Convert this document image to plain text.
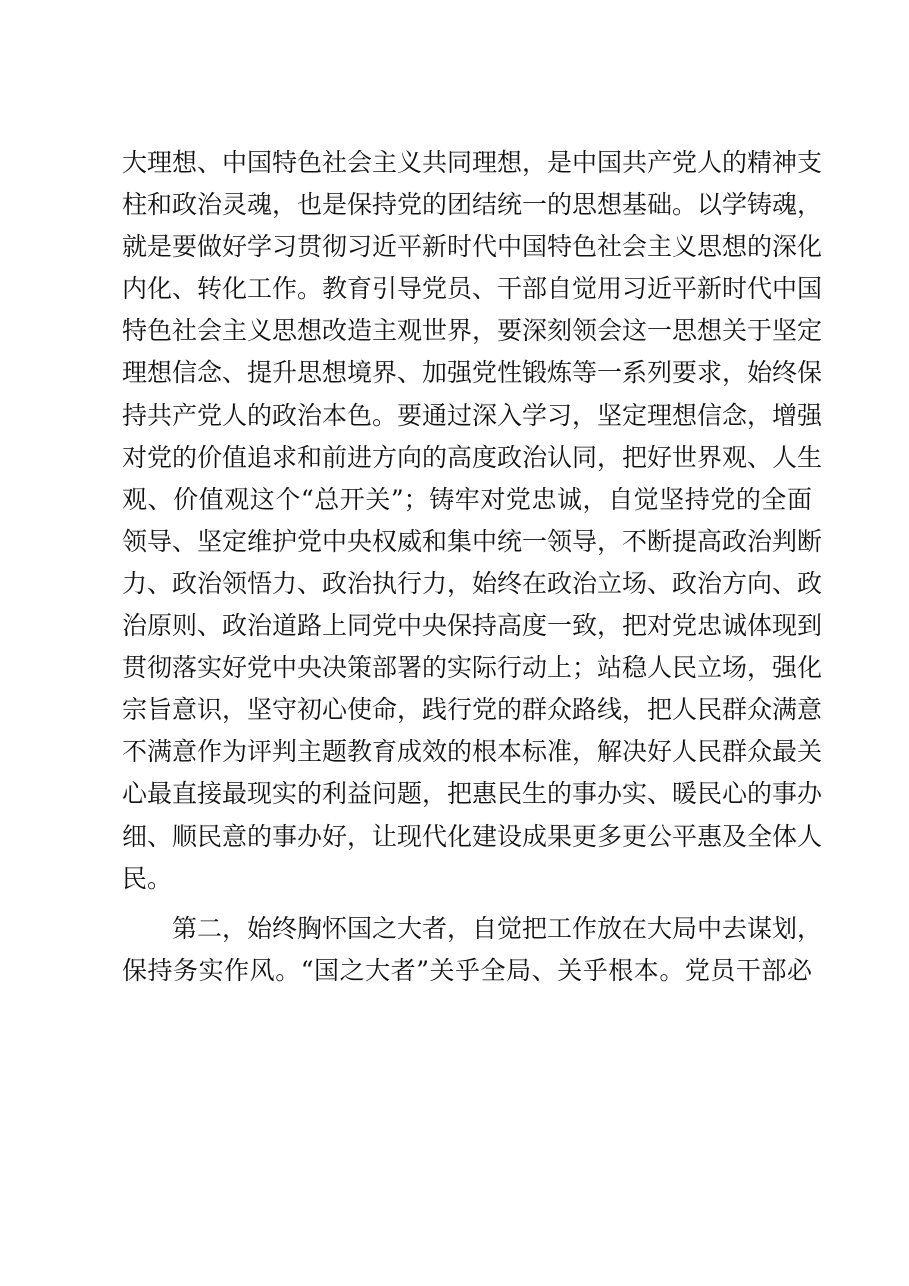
大理想、中国特色社会主义共同理想，是中国共产党人的精神支
柱和政治灵魂，也是保持党的团结统一的思想基础。以学铸魂，
就是要做好学习贯彻习近平新时代中国特色社会主义思想的深化
内化、转化工作。教育引导党员、干部自觉用习近平新时代中国
特色社会主义思想改造主观世界，要深刻领会这一思想关于坚定
理想信念、提升思想境界、加强党性锻炼等一系列要求，始终保
持共产党人的政治本色。要通过深入学习，坚定理想信念，增强
对党的价值追求和前进方向的高度政治认同，把好世界观、人生
观、价值观这个“总开关”；铸牢对党忠诚，自觉坚持党的全面
领导、坚定维护党中央权威和集中统一领导，不断提高政治判断
力、政治领悟力、政治执行力，始终在政治立场、政治方向、政
治原则、政治道路上同党中央保持高度一致，把对党忠诚体现到
贯彻落实好党中央决策部署的实际行动上；站稳人民立场，强化
宗旨意识，坚守初心使命，践行党的群众路线，把人民群众满意
不满意作为评判主题教育成效的根本标准，解决好人民群众最关
心最直接最现实的利益问题，把惠民生的事办实、暖民心的事办
细、顺民意的事办好，让现代化建设成果更多更公平惠及全体人
民。
第二，始终胸怀国之大者，自觉把工作放在大局中去谋划，
保持务实作风。“国之大者”关乎全局、关乎根本。党员干部必
